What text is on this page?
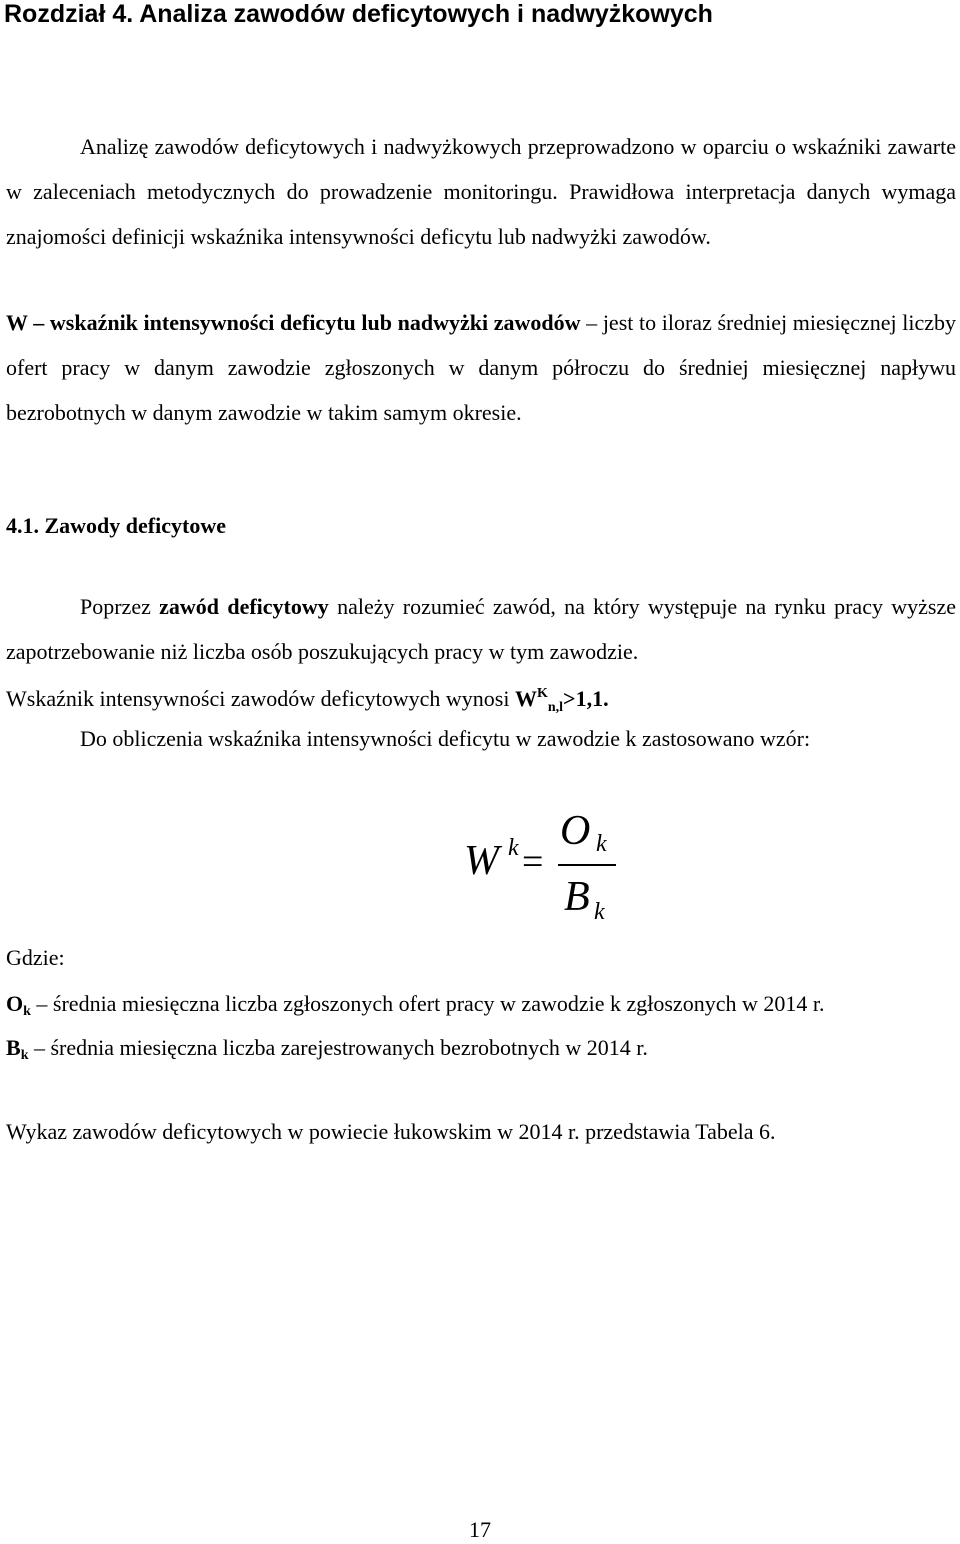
Rozdział 4. Analiza zawodów deficytowych i nadwyżkowych

Analizę zawodów deficytowych i nadwyżkowych przeprowadzono w oparciu o wskaźniki zawarte w zaleceniach metodycznych do prowadzenie monitoringu. Prawidłowa interpretacja danych wymaga znajomości definicji wskaźnika intensywności deficytu lub nadwyżki zawodów.

W – wskaźnik intensywności deficytu lub nadwyżki zawodów – jest to iloraz średniej miesięcznej liczby ofert pracy w danym zawodzie zgłoszonych w danym półroczu do średniej miesięcznej napływu bezrobotnych w danym zawodzie w takim samym okresie.

4.1. Zawody deficytowe

Poprzez zawód deficytowy należy rozumieć zawód, na który występuje na rynku pracy wyższe zapotrzebowanie niż liczba osób poszukujących pracy w tym zawodzie.

Wskaźnik intensywności zawodów deficytowych wynosi $W^K_{n,l}>1,1$.
Do obliczenia wskaźnika intensywności deficytu w zawodzie k zastosowano wzór:
W k =
O k
B k
Gdzie:
Ok – średnia miesięczna liczba zgłoszonych ofert pracy w zawodzie k zgłoszonych w 2014 r.
Bk – średnia miesięczna liczba zarejestrowanych bezrobotnych w 2014 r.
Wykaz zawodów deficytowych w powiecie łukowskim w 2014 r. przedstawia Tabela 6.
17
